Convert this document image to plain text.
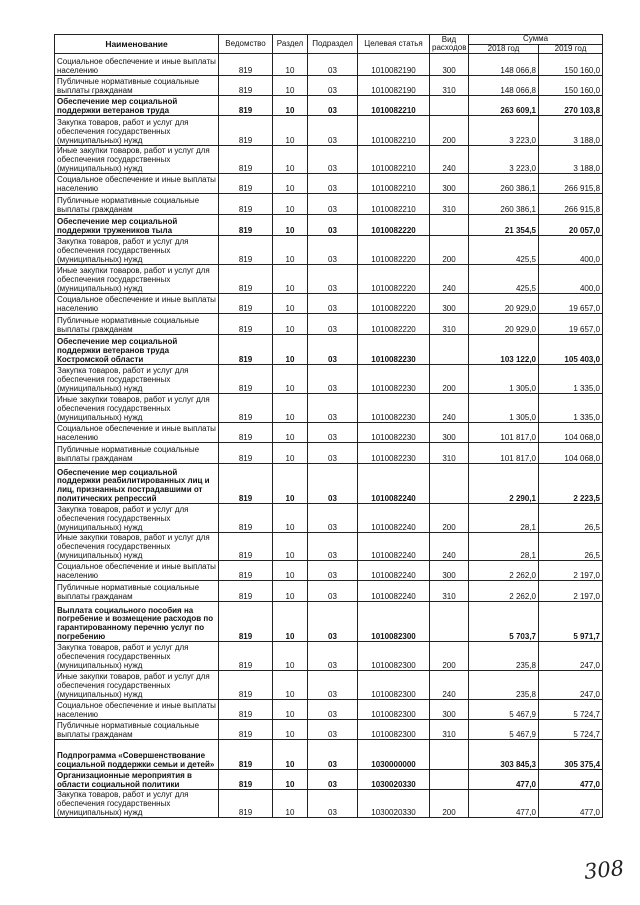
Наименование	Ведомство	Раздел	Подраздел	Целевая статья	Вид расходов	Сумма	
						2018 год	2019 год
Социальное обеспечение и иные выплаты населению	819	10	03	1010082190	300	148 066,8	150 160,0
Публичные нормативные социальные выплаты гражданам	819	10	03	1010082190	310	148 066,8	150 160,0
Обеспечение мер социальной поддержки ветеранов труда	819	10	03	1010082210		263 609,1	270 103,8
Закупка товаров, работ и услуг для обеспечения государственных (муниципальных) нужд	819	10	03	1010082210	200	3 223,0	3 188,0
Иные закупки товаров, работ и услуг для обеспечения государственных (муниципальных) нужд	819	10	03	1010082210	240	3 223,0	3 188,0
Социальное обеспечение и иные выплаты населению	819	10	03	1010082210	300	260 386,1	266 915,8
Публичные нормативные социальные выплаты гражданам	819	10	03	1010082210	310	260 386,1	266 915,8
Обеспечение мер социальной поддержки тружеников тыла	819	10	03	1010082220		21 354,5	20 057,0
Закупка товаров, работ и услуг для обеспечения государственных (муниципальных) нужд	819	10	03	1010082220	200	425,5	400,0
Иные закупки товаров, работ и услуг для обеспечения государственных (муниципальных) нужд	819	10	03	1010082220	240	425,5	400,0
Социальное обеспечение и иные выплаты населению	819	10	03	1010082220	300	20 929,0	19 657,0
Публичные нормативные социальные выплаты гражданам	819	10	03	1010082220	310	20 929,0	19 657,0
Обеспечение мер социальной поддержки ветеранов труда Костромской области	819	10	03	1010082230		103 122,0	105 403,0
Закупка товаров, работ и услуг для обеспечения государственных (муниципальных) нужд	819	10	03	1010082230	200	1 305,0	1 335,0
Иные закупки товаров, работ и услуг для обеспечения государственных (муниципальных) нужд	819	10	03	1010082230	240	1 305,0	1 335,0
Социальное обеспечение и иные выплаты населению	819	10	03	1010082230	300	101 817,0	104 068,0
Публичные нормативные социальные выплаты гражданам	819	10	03	1010082230	310	101 817,0	104 068,0
Обеспечение мер социальной поддержки реабилитированных лиц и лиц, признанных пострадавшими от политических репрессий	819	10	03	1010082240		2 290,1	2 223,5
Закупка товаров, работ и услуг для обеспечения государственных (муниципальных) нужд	819	10	03	1010082240	200	28,1	26,5
Иные закупки товаров, работ и услуг для обеспечения государственных (муниципальных) нужд	819	10	03	1010082240	240	28,1	26,5
Социальное обеспечение и иные выплаты населению	819	10	03	1010082240	300	2 262,0	2 197,0
Публичные нормативные социальные выплаты гражданам	819	10	03	1010082240	310	2 262,0	2 197,0
Выплата социального пособия на погребение и возмещение расходов по гарантированному перечню услуг по погребению	819	10	03	1010082300		5 703,7	5 971,7
Закупка товаров, работ и услуг для обеспечения государственных (муниципальных) нужд	819	10	03	1010082300	200	235,8	247,0
Иные закупки товаров, работ и услуг для обеспечения государственных (муниципальных) нужд	819	10	03	1010082300	240	235,8	247,0
Социальное обеспечение и иные выплаты населению	819	10	03	1010082300	300	5 467,9	5 724,7
Публичные нормативные социальные выплаты гражданам	819	10	03	1010082300	310	5 467,9	5 724,7
Подпрограмма «Совершенствование социальной поддержки семьи и детей»	819	10	03	1030000000		303 845,3	305 375,4
Организационные мероприятия в области социальной политики	819	10	03	1030020330		477,0	477,0
Закупка товаров, работ и услуг для обеспечения государственных (муниципальных) нужд	819	10	03	1030020330	200	477,0	477,0
308
